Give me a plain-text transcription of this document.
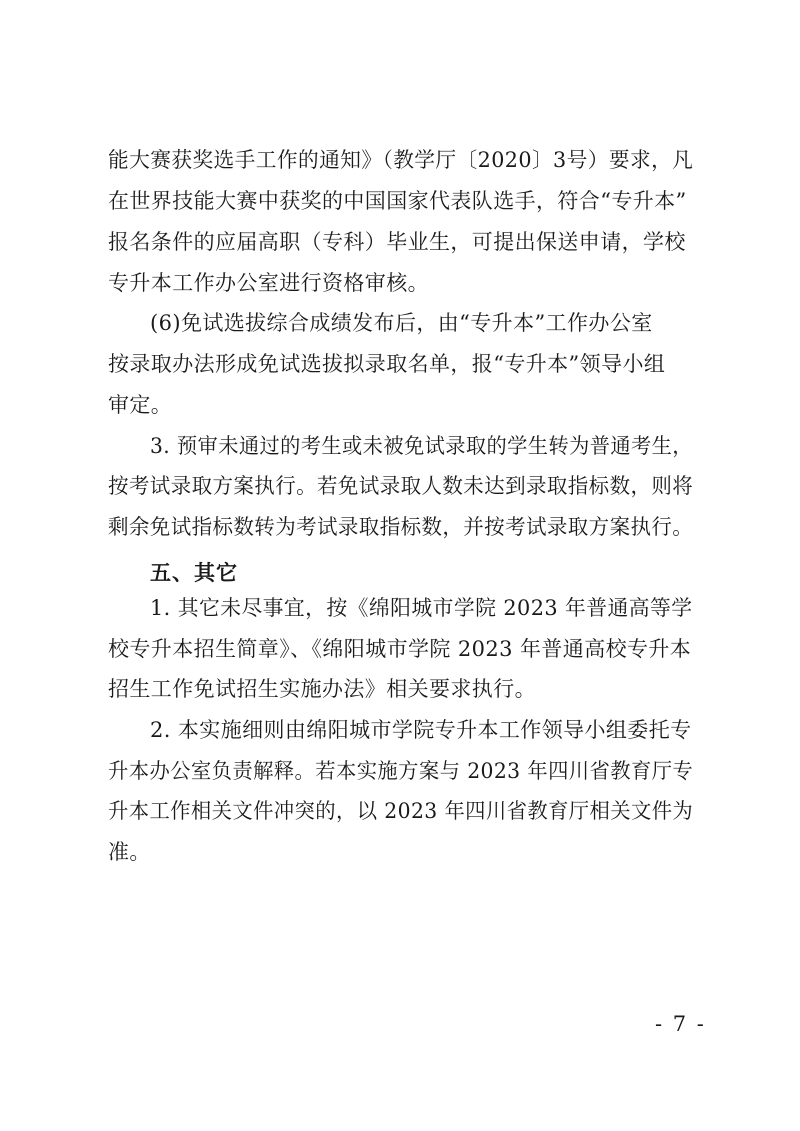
能大赛获奖选手工作的通知》（教学厅〔2020〕3号）要求，凡
在世界技能大赛中获奖的中国国家代表队选手，符合“专升本”
报名条件的应届高职（专科）毕业生，可提出保送申请，学校
专升本工作办公室进行资格审核。
(6)免试选拔综合成绩发布后，由“专升本”工作办公室
按录取办法形成免试选拔拟录取名单，报“专升本”领导小组
审定。
3. 预审未通过的考生或未被免试录取的学生转为普通考生，
按考试录取方案执行。若免试录取人数未达到录取指标数，则将
剩余免试指标数转为考试录取指标数，并按考试录取方案执行。
五、其它
1. 其它未尽事宜，按《绵阳城市学院 2023 年普通高等学
校专升本招生简章》、《绵阳城市学院 2023 年普通高校专升本
招生工作免试招生实施办法》相关要求执行。
2. 本实施细则由绵阳城市学院专升本工作领导小组委托专
升本办公室负责解释。若本实施方案与 2023 年四川省教育厅专
升本工作相关文件冲突的，以 2023 年四川省教育厅相关文件为
准。
- 7 -
